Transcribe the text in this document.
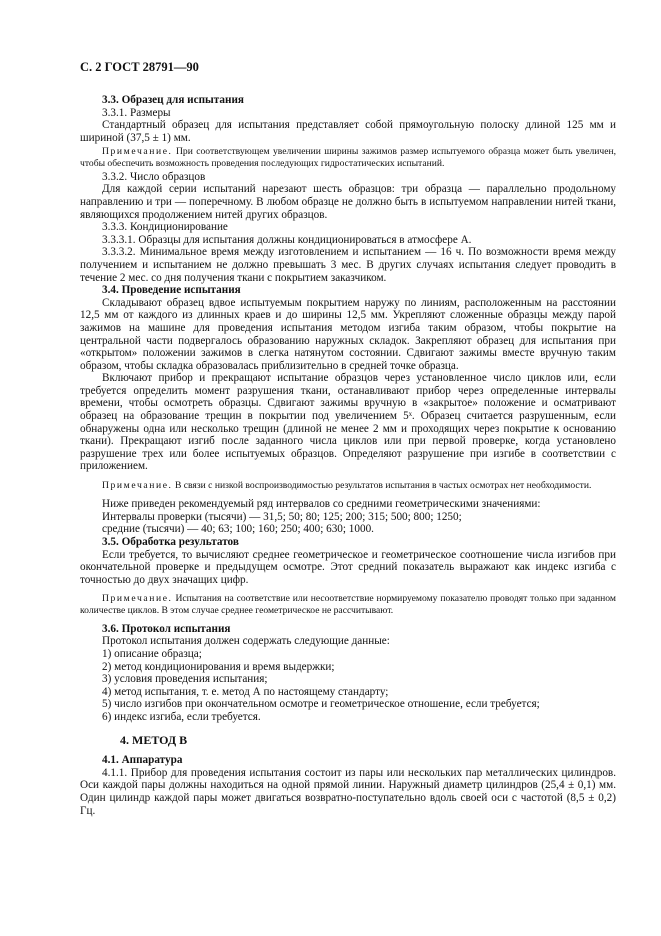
С. 2 ГОСТ 28791—90

3.3. Образец для испытания

3.3.1. Размеры

Стандартный образец для испытания представляет собой прямоугольную полоску длиной 125 мм и шириной (37,5 ± 1) мм.

Примечание. При соответствующем увеличении ширины зажимов размер испытуемого образца может быть увеличен, чтобы обеспечить возможность проведения последующих гидростатических испытаний.

3.3.2. Число образцов

Для каждой серии испытаний нарезают шесть образцов: три образца — параллельно продольному направлению и три — поперечному. В любом образце не должно быть в испытуемом направлении нитей ткани, являющихся продолжением нитей других образцов.

3.3.3. Кондиционирование

3.3.3.1. Образцы для испытания должны кондиционироваться в атмосфере А.

3.3.3.2. Минимальное время между изготовлением и испытанием — 16 ч. По возможности время между получением и испытанием не должно превышать 3 мес. В других случаях испытания следует проводить в течение 2 мес. со дня получения ткани с покрытием заказчиком.

3.4. Проведение испытания

Складывают образец вдвое испытуемым покрытием наружу по линиям, расположенным на расстоянии 12,5 мм от каждого из длинных краев и до ширины 12,5 мм. Укрепляют сложенные образцы между парой зажимов на машине для проведения испытания методом изгиба таким образом, чтобы покрытие на центральной части подвергалось образованию наружных складок. Закрепляют образец для испытания при «открытом» положении зажимов в слегка натянутом состоянии. Сдвигают зажимы вместе вручную таким образом, чтобы складка образовалась приблизительно в средней точке образца.

Включают прибор и прекращают испытание образцов через установленное число циклов или, если требуется определить момент разрушения ткани, останавливают прибор через определенные интервалы времени, чтобы осмотреть образцы. Сдвигают зажимы вручную в «закрытое» положение и осматривают образец на образование трещин в покрытии под увеличением 5ˣ. Образец считается разрушенным, если обнаружены одна или несколько трещин (длиной не менее 2 мм и проходящих через покрытие к основанию ткани). Прекращают изгиб после заданного числа циклов или при первой проверке, когда установлено разрушение трех или более испытуемых образцов. Определяют разрушение при изгибе в соответствии с приложением.

Примечание. В связи с низкой воспроизводимостью результатов испытания в частых осмотрах нет необходимости.

Ниже приведен рекомендуемый ряд интервалов со средними геометрическими значениями:

Интервалы проверки (тысячи) — 31,5; 50; 80; 125; 200; 315; 500; 800; 1250;

средние (тысячи) — 40; 63; 100; 160; 250; 400; 630; 1000.

3.5. Обработка результатов

Если требуется, то вычисляют среднее геометрическое и геометрическое соотношение числа изгибов при окончательной проверке и предыдущем осмотре. Этот средний показатель выражают как индекс изгиба с точностью до двух значащих цифр.

Примечание. Испытания на соответствие или несоответствие нормируемому показателю проводят только при заданном количестве циклов. В этом случае среднее геометрическое не рассчитывают.

3.6. Протокол испытания

Протокол испытания должен содержать следующие данные:

1) описание образца;
2) метод кондиционирования и время выдержки;
3) условия проведения испытания;
4) метод испытания, т. е. метод А по настоящему стандарту;
5) число изгибов при окончательном осмотре и геометрическое отношение, если требуется;
6) индекс изгиба, если требуется.

4. МЕТОД В

4.1. Аппаратура

4.1.1. Прибор для проведения испытания состоит из пары или нескольких пар металлических цилиндров. Оси каждой пары должны находиться на одной прямой линии. Наружный диаметр цилиндров (25,4 ± 0,1) мм. Один цилиндр каждой пары может двигаться возвратно-поступательно вдоль своей оси с частотой (8,5 ± 0,2) Гц.
